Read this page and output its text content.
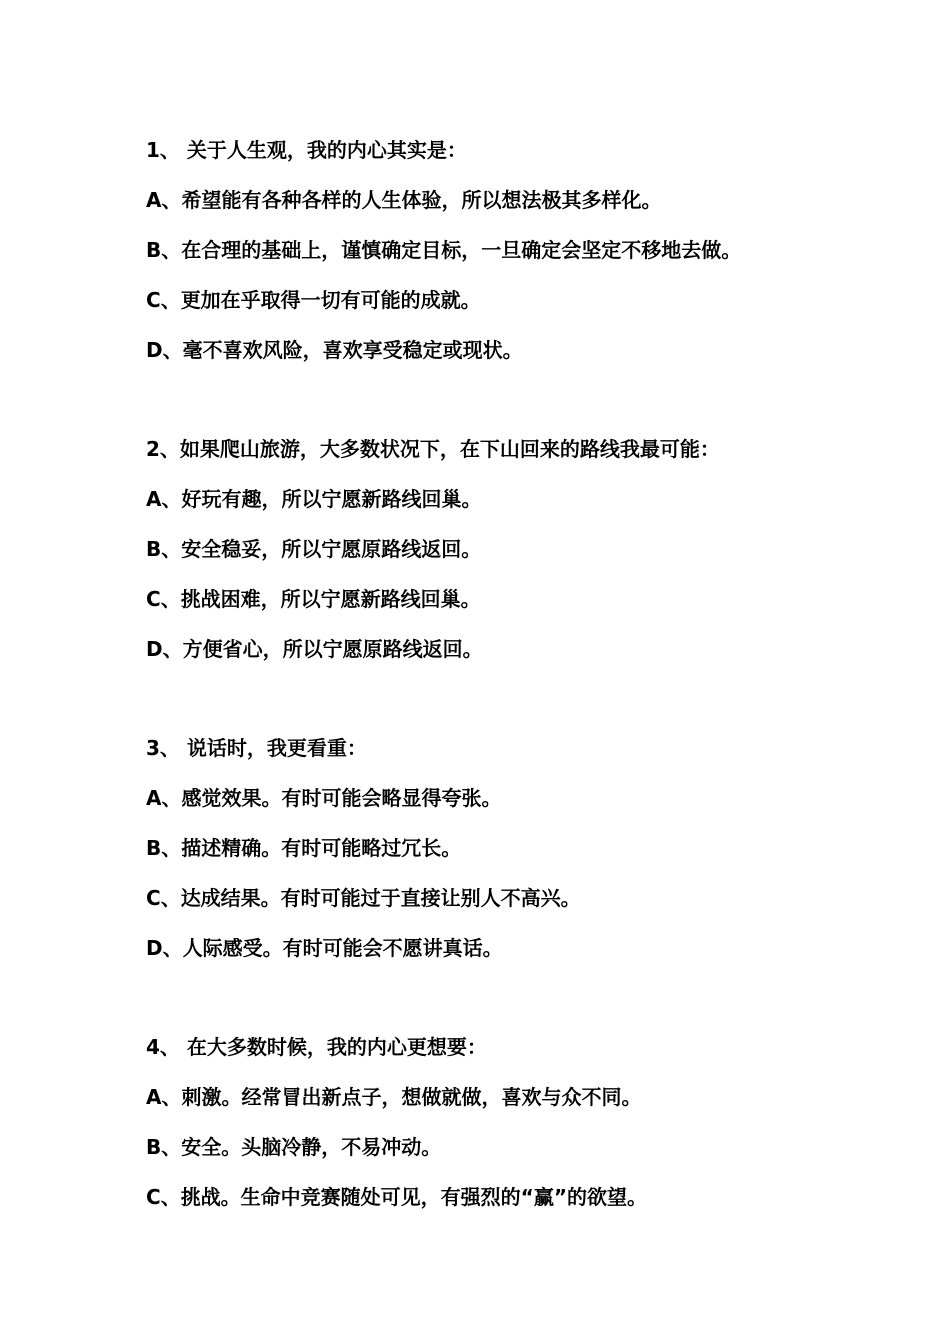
1、 关于人生观，我的内心其实是：
A、希望能有各种各样的人生体验，所以想法极其多样化。
B、在合理的基础上，谨慎确定目标，一旦确定会坚定不移地去做。
C、更加在乎取得一切有可能的成就。
D、毫不喜欢风险，喜欢享受稳定或现状。
2、如果爬山旅游，大多数状况下，在下山回来的路线我最可能：
A、好玩有趣，所以宁愿新路线回巢。
B、安全稳妥，所以宁愿原路线返回。
C、挑战困难，所以宁愿新路线回巢。
D、方便省心，所以宁愿原路线返回。
3、 说话时，我更看重：
A、感觉效果。有时可能会略显得夸张。
B、描述精确。有时可能略过冗长。
C、达成结果。有时可能过于直接让别人不高兴。
D、人际感受。有时可能会不愿讲真话。
4、 在大多数时候，我的内心更想要：
A、刺激。经常冒出新点子，想做就做，喜欢与众不同。
B、安全。头脑冷静，不易冲动。
C、挑战。生命中竞赛随处可见，有强烈的“赢”的欲望。
